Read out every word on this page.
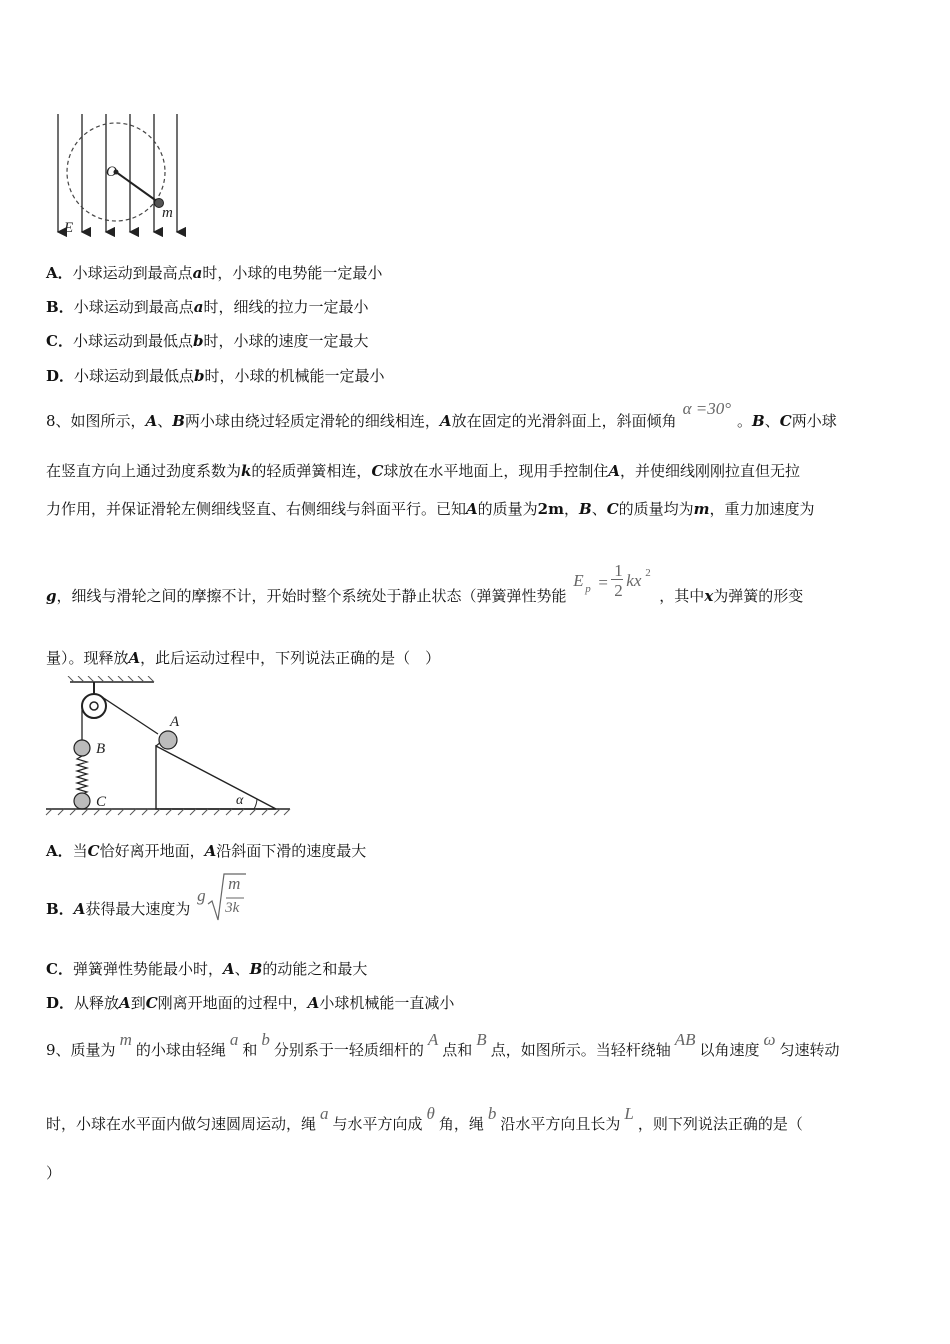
O
m
E
A．小球运动到最高点a时，小球的电势能一定最小
B．小球运动到最高点a时，细线的拉力一定最小
C．小球运动到最低点b时，小球的速度一定最大
D．小球运动到最低点b时，小球的机械能一定最小
8、如图所示，A、B两小球由绕过轻质定滑轮的细线相连，A放在固定的光滑斜面上，斜面倾角α =30°。B、C两小球
在竖直方向上通过劲度系数为k的轻质弹簧相连，C球放在水平地面上，现用手控制住A，并使细线刚刚拉直但无拉
力作用，并保证滑轮左侧细线竖直、右侧细线与斜面平行。已知A的质量为2m，B、C的质量均为m，重力加速度为
g，细线与滑轮之间的摩擦不计，开始时整个系统处于静止状态（弹簧弹性势能
E p =
1
2
kx 2
，其中x为弹簧的形变
量）。现释放A，此后运动过程中，下列说法正确的是（　）
A
B
C	α
A．当C恰好离开地面，A沿斜面下滑的速度最大
B．A获得最大速度为
g
m
3k
C．弹簧弹性势能最小时，A、B的动能之和最大
D．从释放A到C刚离开地面的过程中，A小球机械能一直减小
9、质量为m的小球由轻绳a和b分别系于一轻质细杆的A点和B点，如图所示。当轻杆绕轴AB以角速度ω匀速转动
时，小球在水平面内做匀速圆周运动，绳a与水平方向成θ角，绳b沿水平方向且长为L，则下列说法正确的是（
）
